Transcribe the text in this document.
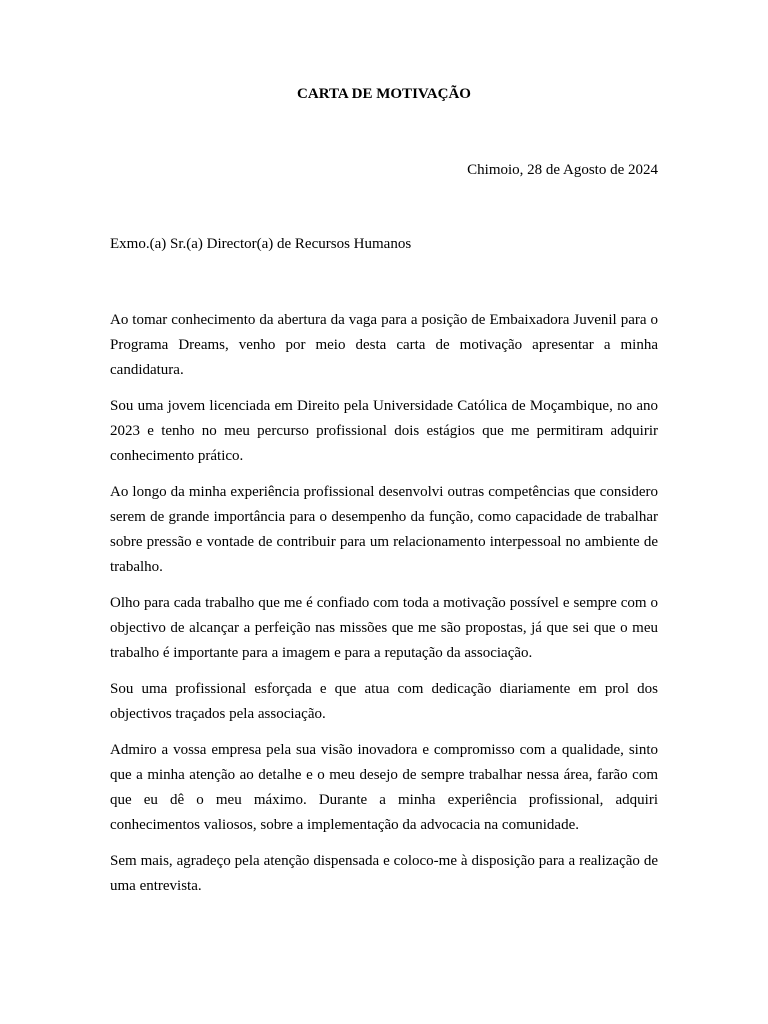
CARTA DE MOTIVAÇÃO
Chimoio, 28 de Agosto de 2024
Exmo.(a) Sr.(a) Director(a) de Recursos Humanos

Ao tomar conhecimento da abertura da vaga para a posição de Embaixadora Juvenil para o Programa Dreams, venho por meio desta carta de motivação apresentar a minha candidatura.

Sou uma jovem licenciada em Direito pela Universidade Católica de Moçambique, no ano 2023 e tenho no meu percurso profissional dois estágios que me permitiram adquirir conhecimento prático.

Ao longo da minha experiência profissional desenvolvi outras competências que considero serem de grande importância para o desempenho da função, como capacidade de trabalhar sobre pressão e vontade de contribuir para um relacionamento interpessoal no ambiente de trabalho.

Olho para cada trabalho que me é confiado com toda a motivação possível e sempre com o objectivo de alcançar a perfeição nas missões que me são propostas, já que sei que o meu trabalho é importante para a imagem e para a reputação da associação.

Sou uma profissional esforçada e que atua com dedicação diariamente em prol dos objectivos traçados pela associação.

Admiro a vossa empresa pela sua visão inovadora e compromisso com a qualidade, sinto que a minha atenção ao detalhe e o meu desejo de sempre trabalhar nessa área, farão com que eu dê o meu máximo. Durante a minha experiência profissional, adquiri conhecimentos valiosos, sobre a implementação da advocacia na comunidade.

Sem mais, agradeço pela atenção dispensada e coloco-me à disposição para a realização de uma entrevista.
